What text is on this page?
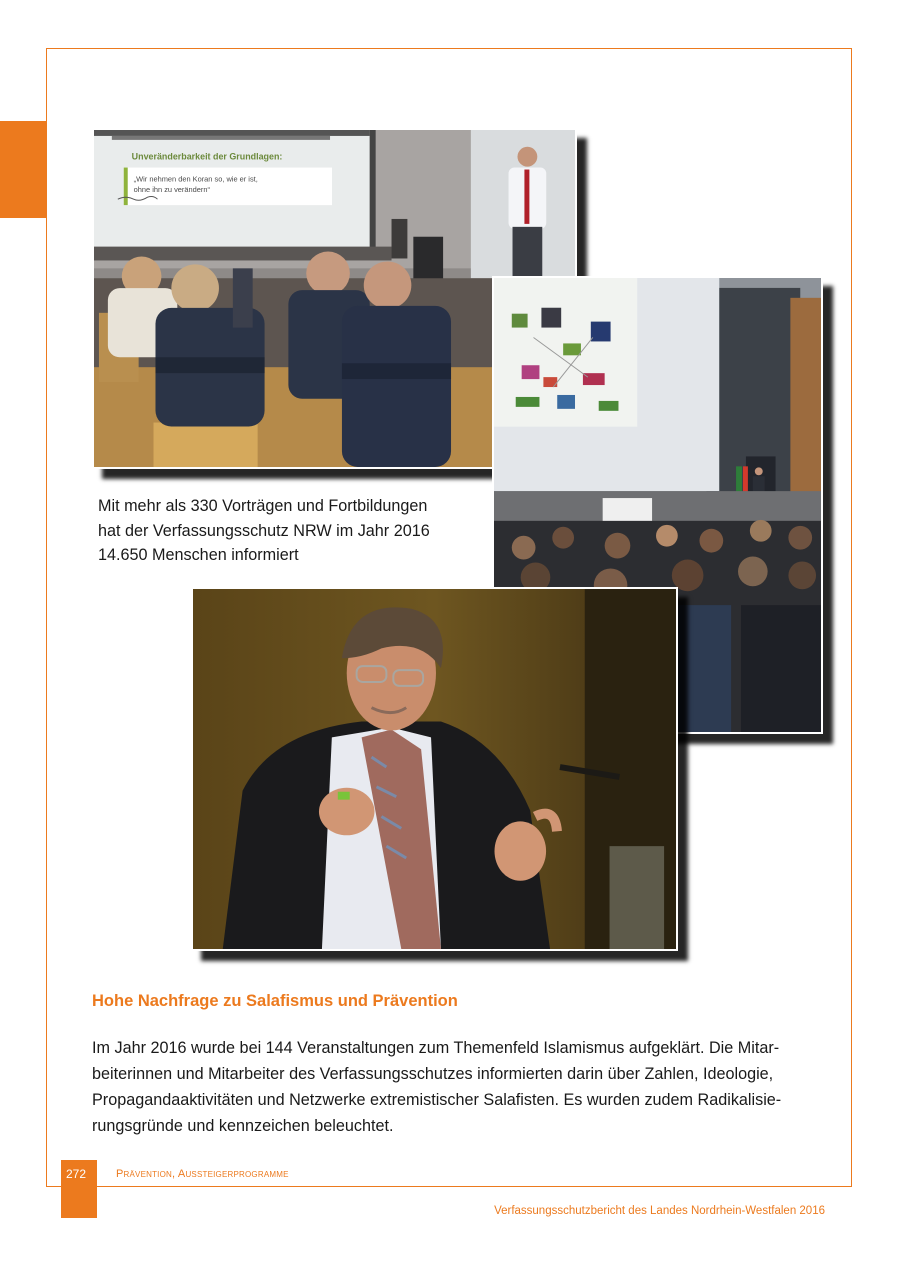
Unveränderbarkeit der Grundlagen:
„Wir nehmen den Koran so, wie er ist,
ohne ihn zu verändern“
Mit mehr als 330 Vorträgen und Fortbildungen
hat der Verfassungsschutz NRW im Jahr 2016
14.650 Menschen informiert
Hohe Nachfrage zu Salafismus und Prävention
Im Jahr 2016 wurde bei 144 Veranstaltungen zum Themenfeld Islamismus aufgeklärt. Die Mitar-
beiterinnen und Mitarbeiter des Verfassungsschutzes informierten darin über Zahlen, Ideologie,
Propagandaaktivitäten und Netzwerke extremistischer Salafisten. Es wurden zudem Radikalisie-
rungsgründe und kennzeichen beleuchtet.
272	Prävention, Aussteigerprogramme
Verfassungsschutzbericht des Landes Nordrhein-Westfalen 2016
